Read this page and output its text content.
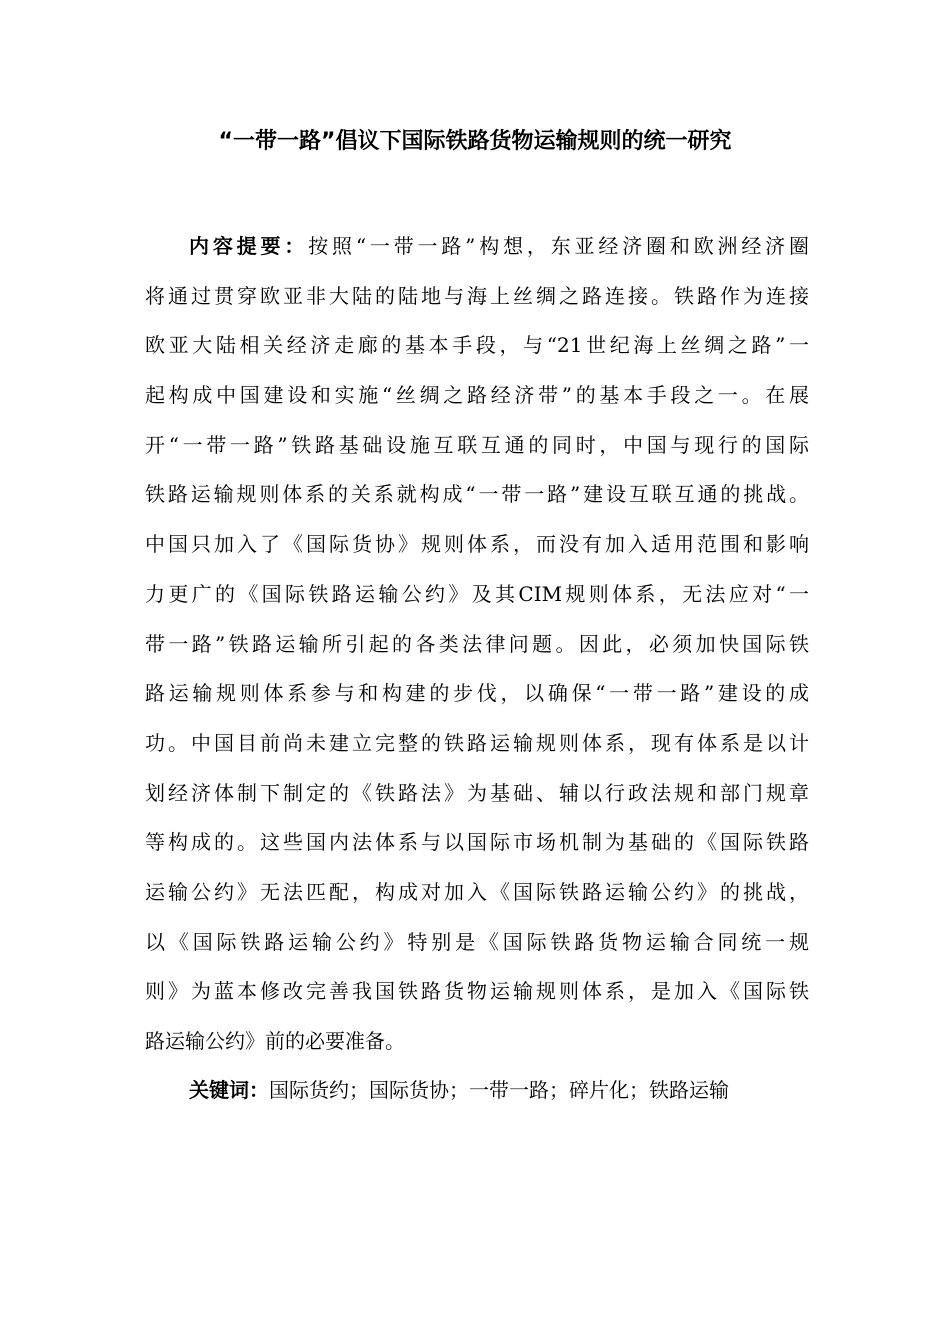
“一带一路”倡议下国际铁路货物运输规则的统一研究
内容提要：按照“一带一路”构想，东亚经济圈和欧洲经济圈
将通过贯穿欧亚非大陆的陆地与海上丝绸之路连接。铁路作为连接
欧亚大陆相关经济走廊的基本手段，与“21世纪海上丝绸之路”一
起构成中国建设和实施“丝绸之路经济带”的基本手段之一。在展
开“一带一路”铁路基础设施互联互通的同时，中国与现行的国际
铁路运输规则体系的关系就构成“一带一路”建设互联互通的挑战。
中国只加入了《国际货协》规则体系，而没有加入适用范围和影响
力更广的《国际铁路运输公约》及其CIM规则体系，无法应对“一
带一路”铁路运输所引起的各类法律问题。因此，必须加快国际铁
路运输规则体系参与和构建的步伐，以确保“一带一路”建设的成
功。中国目前尚未建立完整的铁路运输规则体系，现有体系是以计
划经济体制下制定的《铁路法》为基础、辅以行政法规和部门规章
等构成的。这些国内法体系与以国际市场机制为基础的《国际铁路
运输公约》无法匹配，构成对加入《国际铁路运输公约》的挑战，
以《国际铁路运输公约》特别是《国际铁路货物运输合同统一规
则》为蓝本修改完善我国铁路货物运输规则体系，是加入《国际铁
路运输公约》前的必要准备。
关键词：国际货约；国际货协；一带一路；碎片化；铁路运输
